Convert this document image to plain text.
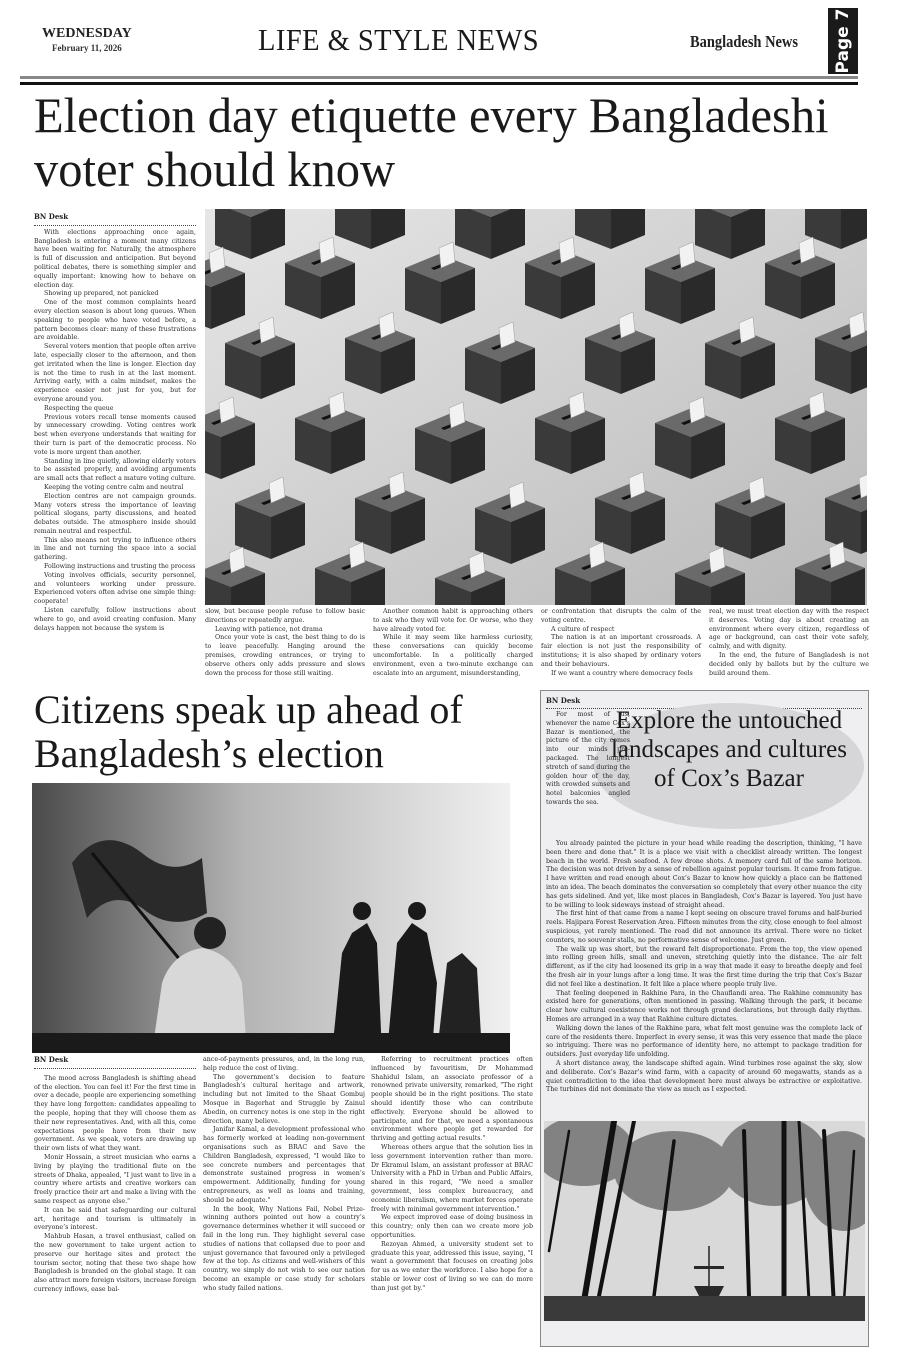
WEDNESDAY
February 11, 2026	LIFE & STYLE NEWS	Bangladesh News Page 7
Election day etiquette every Bangladeshi voter should know
BN Desk

With elections approaching once again, Bangladesh is entering a moment many citizens have been waiting for. Naturally, the atmosphere is full of discussion and anticipation. But beyond political debates, there is something simpler and equally important: knowing how to behave on election day.

Showing up prepared, not panicked

One of the most common complaints heard every election season is about long queues. When speaking to people who have voted before, a pattern becomes clear: many of these frustrations are avoidable.

Several voters mention that people often arrive late, especially closer to the afternoon, and then get irritated when the line is longer. Election day is not the time to rush in at the last moment. Arriving early, with a calm mindset, makes the experience easier not just for you, but for everyone around you.

Respecting the queue

Previous voters recall tense moments caused by unnecessary crowding. Voting centres work best when everyone understands that waiting for their turn is part of the democratic process. No vote is more urgent than another.

Standing in line quietly, allowing elderly voters to be assisted properly, and avoiding arguments are small acts that reflect a mature voting culture.

Keeping the voting centre calm and neutral

Election centres are not campaign grounds. Many voters stress the importance of leaving political slogans, party discussions, and heated debates outside. The atmosphere inside should remain neutral and respectful.

This also means not trying to influence others in line and not turning the space into a social gathering.

Following instructions and trusting the process

Voting involves officials, security personnel, and volunteers working under pressure. Experienced voters often advise one simple thing: cooperate!

Listen carefully, follow instructions about where to go, and avoid creating confusion. Many delays happen not because the system is

slow, but because people refuse to follow basic directions or repeatedly argue.

Leaving with patience, not drama

Once your vote is cast, the best thing to do is to leave peacefully. Hanging around the premises, crowding entrances, or trying to observe others only adds pressure and slows down the process for those still waiting.

Another common habit is approaching others to ask who they will vote for. Or worse, who they have already voted for.

While it may seem like harmless curiosity, these conversations can quickly become uncomfortable. In a politically charged environment, even a two-minute exchange can escalate into an argument, misunderstanding,

or confrontation that disrupts the calm of the voting centre.

A culture of respect

The nation is at an important crossroads. A fair election is not just the responsibility of institutions; it is also shaped by ordinary voters and their behaviours.

If we want a country where democracy feels

real, we must treat election day with the respect it deserves. Voting day is about creating an environment where every citizen, regardless of age or background, can cast their vote safely, calmly, and with dignity.

In the end, the future of Bangladesh is not decided only by ballots but by the culture we build around them.

Citizens speak up ahead of Bangladesh’s election
BN Desk

The mood across Bangladesh is shifting ahead of the election. You can feel it! For the first time in over a decade, people are experiencing something they have long forgotten: candidates appealing to the people, hoping that they will choose them as their new representatives. And, with all this, come expectations people have from their new government. As we speak, voters are drawing up their own lists of what they want.

Monir Hossain, a street musician who earns a living by playing the traditional flute on the streets of Dhaka, appealed, "I just want to live in a country where artists and creative workers can freely practice their art and make a living with the same respect as anyone else."

It can be said that safeguarding our cultural art, heritage and tourism is ultimately in everyone’s interest.

Mahbub Hasan, a travel enthusiast, called on the new government to take urgent action to preserve our heritage sites and protect the tourism sector, noting that these two shape how Bangladesh is branded on the global stage. It can also attract more foreign visitors, increase foreign currency inflows, ease bal-

ance-of-payments pressures, and, in the long run, help reduce the cost of living.

The government’s decision to feature Bangladesh’s cultural heritage and artwork, including but not limited to the Shaat Gombuj Mosque in Bagerhat and Struggle by Zainul Abedin, on currency notes is one step in the right direction, many believe.

Janifar Kamal, a development professional who has formerly worked at leading non-government organisations such as BRAC and Save the Children Bangladesh, expressed, "I would like to see concrete numbers and percentages that demonstrate sustained progress in women’s empowerment. Additionally, funding for young entrepreneurs, as well as loans and training, should be adequate."

In the book, Why Nations Fail, Nobel Prize-winning authors pointed out how a country’s governance determines whether it will succeed or fail in the long run. They highlight several case studies of nations that collapsed due to poor and unjust governance that favoured only a privileged few at the top. As citizens and well-wishers of this country, we simply do not wish to see our nation become an example or case study for scholars who study failed nations.

Referring to recruitment practices often influenced by favouritism, Dr Mohammad Shahidul Islam, an associate professor of a renowned private university, remarked, "The right people should be in the right positions. The state should identify those who can contribute effectively. Everyone should be allowed to participate, and for that, we need a spontaneous environment where people get rewarded for thriving and getting actual results."

Whereas others argue that the solution lies in less government intervention rather than more. Dr Ekramul Islam, an assistant professor at BRAC University with a PhD in Urban and Public Affairs, shared in this regard, "We need a smaller government, less complex bureaucracy, and economic liberalism, where market forces operate freely with minimal government intervention."

We expect improved ease of doing business in this country; only then can we create more job opportunities.

Rezoyan Ahmed, a university student set to graduate this year, addressed this issue, saying, "I want a government that focuses on creating jobs for us as we enter the workforce. I also hope for a stable or lower cost of living so we can do more than just get by."

BN Desk
Explore the untouched landscapes and cultures of Cox’s Bazar

For most of us, whenever the name Cox’s Bazar is mentioned, the picture of the city comes into our minds pre-packaged. The longest stretch of sand during the golden hour of the day, with crowded sunsets and hotel balconies angled towards the sea.

You already painted the picture in your head while reading the description, thinking, "I have been there and done that." It is a place we visit with a checklist already written. The longest beach in the world. Fresh seafood. A few drone shots. A memory card full of the same horizon. The decision was not driven by a sense of rebellion against popular tourism. It came from fatigue. I have written and read enough about Cox’s Bazar to know how quickly a place can be flattened into an idea. The beach dominates the conversation so completely that every other nuance the city has gets sidelined. And yet, like most places in Bangladesh, Cox’s Bazar is layered. You just have to be willing to look sideways instead of straight ahead.

The first hint of that came from a name I kept seeing on obscure travel forums and half-buried reels. Hajipara Forest Reservation Area. Fifteen minutes from the city, close enough to feel almost suspicious, yet rarely mentioned. The road did not announce its arrival. There were no ticket counters, no souvenir stalls, no performative sense of welcome. Just green.

The walk up was short, but the reward felt disproportionate. From the top, the view opened into rolling green hills, small and uneven, stretching quietly into the distance. The air felt different, as if the city had loosened its grip in a way that made it easy to breathe deeply and feel the fresh air in your lungs after a long time. It was the first time during the trip that Cox’s Bazar did not feel like a destination. It felt like a place where people truly live.

That feeling deepened in Rakhine Para, in the Chauflandi area. The Rakhine community has existed here for generations, often mentioned in passing. Walking through the park, it became clear how cultural coexistence works not through grand declarations, but through daily rhythm. Homes are arranged in a way that Rakhine culture dictates.

Walking down the lanes of the Rakhine para, what felt most genuine was the complete lack of care of the residents there. Imperfect in every sense, it was this very essence that made the place so intriguing. There was no performance of identity here, no attempt to package tradition for outsiders. Just everyday life unfolding.

A short distance away, the landscape shifted again. Wind turbines rose against the sky, slow and deliberate. Cox’s Bazar’s wind farm, with a capacity of around 60 megawatts, stands as a quiet contradiction to the idea that development here must always be extractive or exploitative. The turbines did not dominate the view as much as I expected.
